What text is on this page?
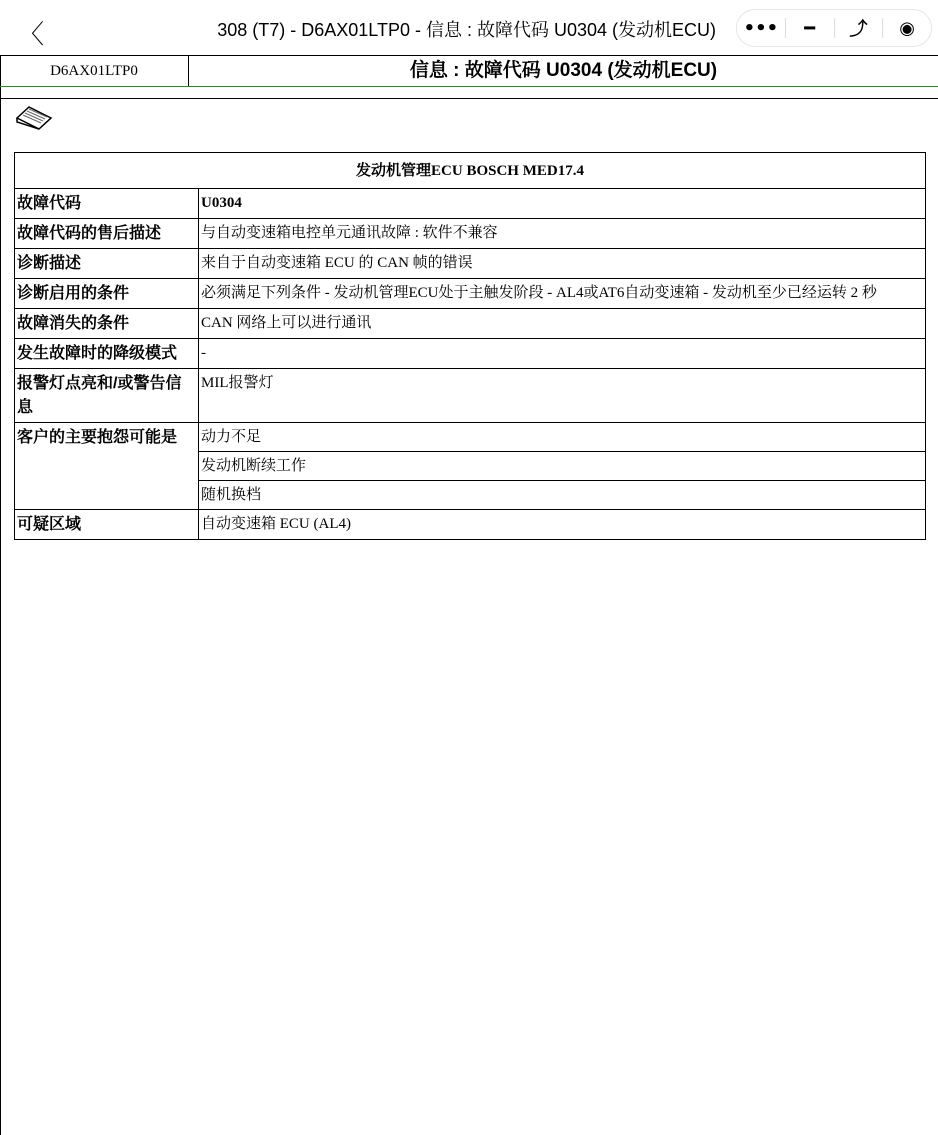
〈	308 (T7) - D6AX01LTP0 - 信息 : 故障代码 U0304 (发动机ECU)	•••	━	⤴	◉
D6AX01LTP0	信息 : 故障代码 U0304 (发动机ECU)
发动机管理ECU BOSCH MED17.4	
故障代码	U0304
故障代码的售后描述	与自动变速箱电控单元通讯故障 : 软件不兼容
诊断描述	来自于自动变速箱 ECU 的 CAN 帧的错误
诊断启用的条件	必须满足下列条件 - 发动机管理ECU处于主触发阶段 - AL4或AT6自动变速箱 - 发动机至少已经运转 2 秒
故障消失的条件	CAN 网络上可以进行通讯
发生故障时的降级模式	-
报警灯点亮和/或警告信息	MIL报警灯
客户的主要抱怨可能是	动力不足
	发动机断续工作
	随机换档
可疑区域	自动变速箱 ECU (AL4)
